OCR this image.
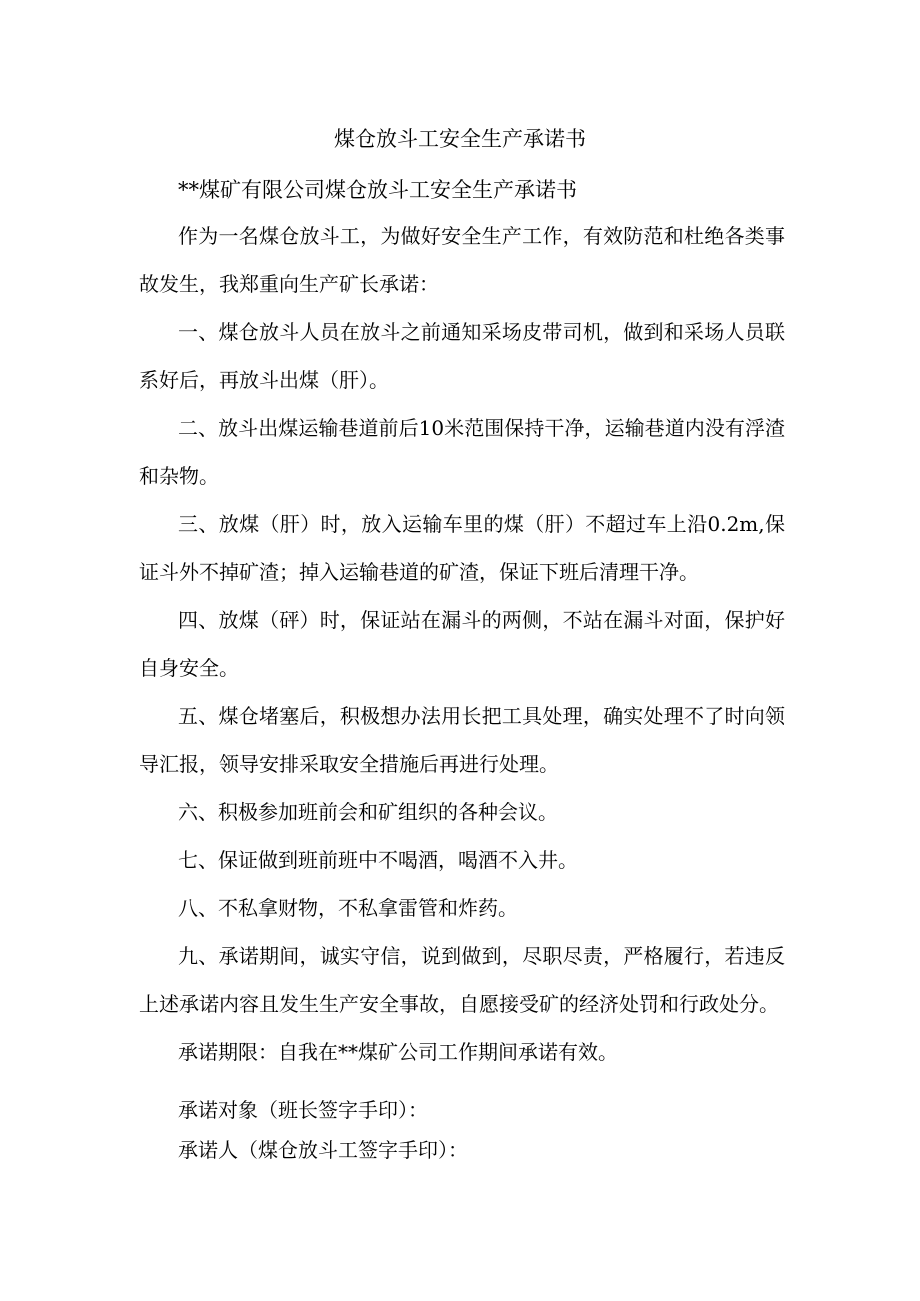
煤仓放斗工安全生产承诺书

**煤矿有限公司煤仓放斗工安全生产承诺书

作为一名煤仓放斗工，为做好安全生产工作，有效防范和杜绝各类事故发生，我郑重向生产矿长承诺：

一、煤仓放斗人员在放斗之前通知采场皮带司机，做到和采场人员联系好后，再放斗出煤（肝）。

二、放斗出煤运输巷道前后10米范围保持干净，运输巷道内没有浮渣和杂物。

三、放煤（肝）时，放入运输车里的煤（肝）不超过车上沿0.2m,保证斗外不掉矿渣；掉入运输巷道的矿渣，保证下班后清理干净。

四、放煤（砰）时，保证站在漏斗的两侧，不站在漏斗对面，保护好自身安全。

五、煤仓堵塞后，积极想办法用长把工具处理，确实处理不了时向领导汇报，领导安排采取安全措施后再进行处理。

六、积极参加班前会和矿组织的各种会议。

七、保证做到班前班中不喝酒，喝酒不入井。

八、不私拿财物，不私拿雷管和炸药。

九、承诺期间，诚实守信，说到做到，尽职尽责，严格履行，若违反上述承诺内容且发生生产安全事故，自愿接受矿的经济处罚和行政处分。

承诺期限：自我在**煤矿公司工作期间承诺有效。

承诺对象（班长签字手印）：

承诺人（煤仓放斗工签字手印）：
